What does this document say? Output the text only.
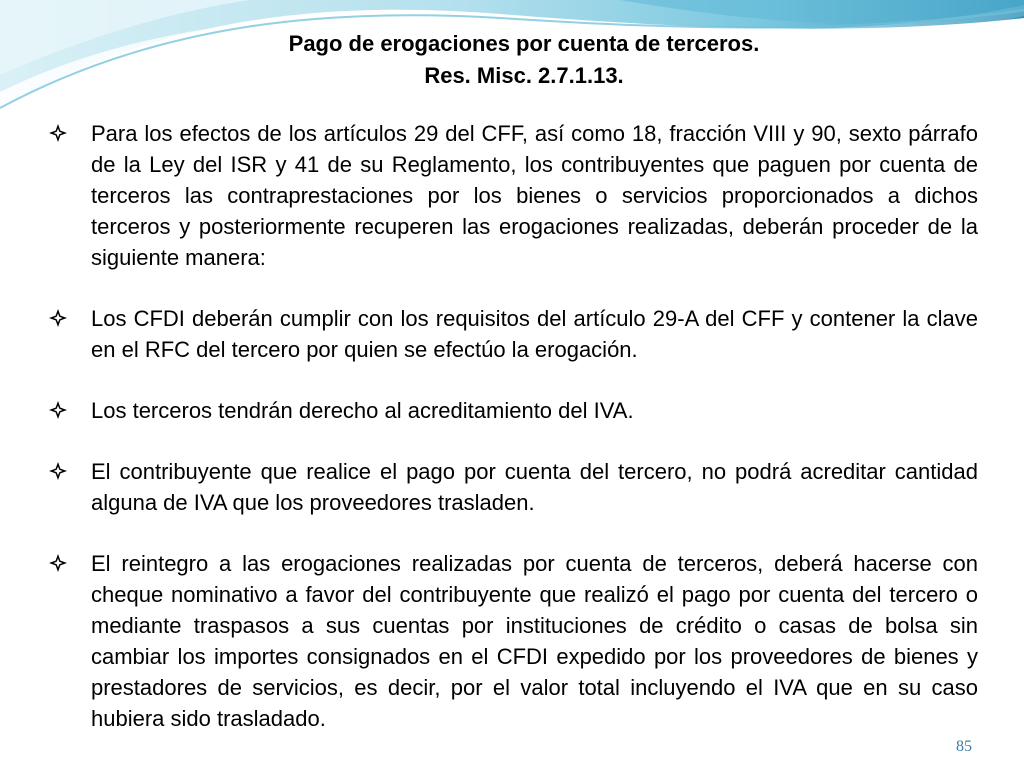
Pago de erogaciones por cuenta de terceros.
Res. Misc. 2.7.1.13.
Para los efectos de los artículos 29 del CFF, así como 18, fracción VIII y 90, sexto párrafo de la Ley del ISR y 41 de su Reglamento, los contribuyentes que paguen por cuenta de terceros las contraprestaciones por los bienes o servicios proporcionados a dichos terceros y posteriormente recuperen las erogaciones realizadas, deberán proceder de la siguiente manera:
Los CFDI deberán cumplir con los requisitos del artículo 29-A del CFF y contener la clave en el RFC del tercero por quien se efectúo la erogación.
Los terceros tendrán derecho al acreditamiento del IVA.
El contribuyente que realice el pago por cuenta del tercero, no podrá acreditar cantidad alguna de IVA que los proveedores trasladen.
El reintegro a las erogaciones realizadas por cuenta de terceros, deberá hacerse con cheque nominativo a favor del contribuyente que realizó el pago por cuenta del tercero o mediante traspasos a sus cuentas por instituciones de crédito o casas de bolsa sin cambiar los importes consignados en el CFDI expedido por los proveedores de bienes y prestadores de servicios, es decir, por el valor total incluyendo el IVA que en su caso hubiera sido trasladado.
85
